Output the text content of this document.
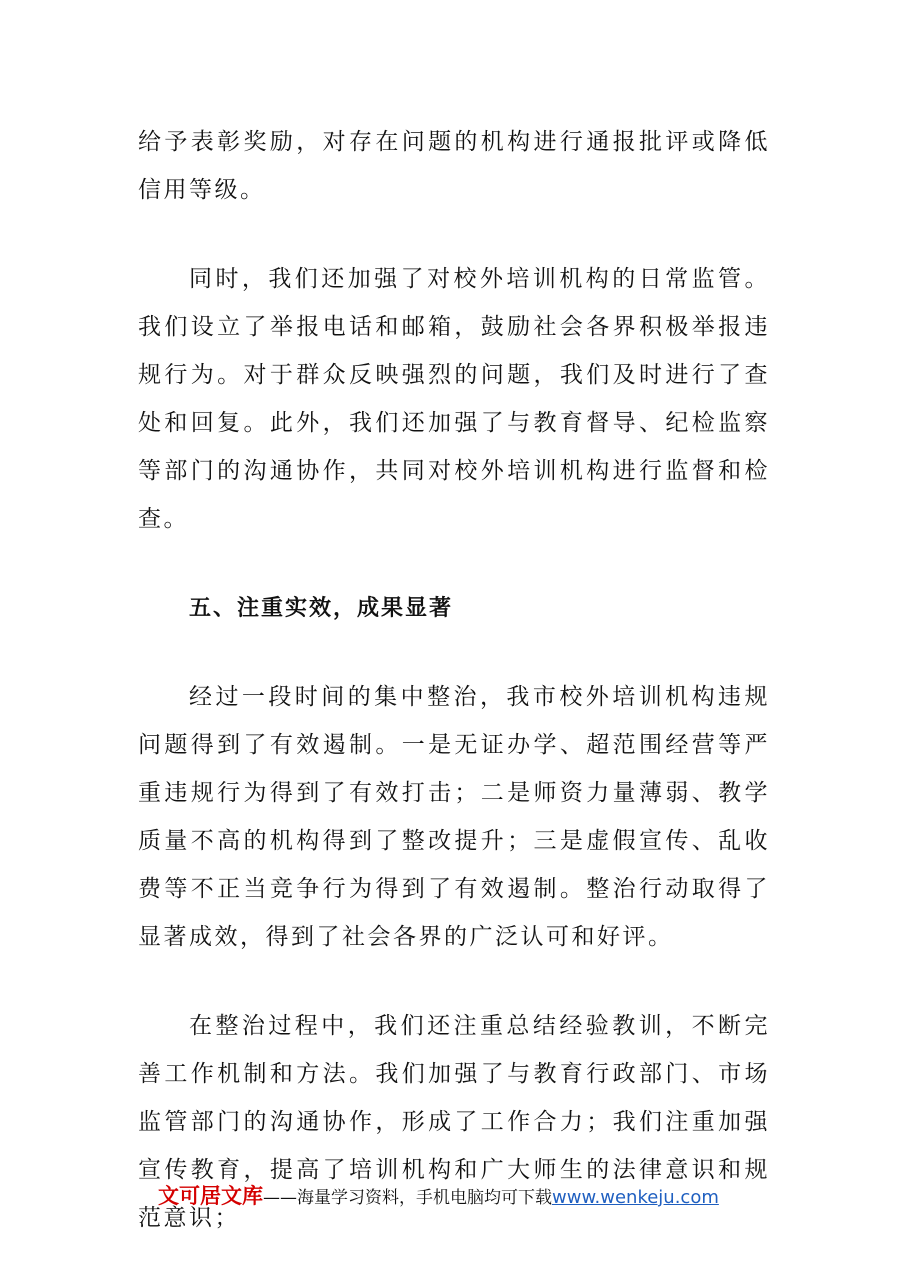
给予表彰奖励，对存在问题的机构进行通报批评或降低信用等级。

同时，我们还加强了对校外培训机构的日常监管。我们设立了举报电话和邮箱，鼓励社会各界积极举报违规行为。对于群众反映强烈的问题，我们及时进行了查处和回复。此外，我们还加强了与教育督导、纪检监察等部门的沟通协作，共同对校外培训机构进行监督和检查。

五、注重实效，成果显著

经过一段时间的集中整治，我市校外培训机构违规问题得到了有效遏制。一是无证办学、超范围经营等严重违规行为得到了有效打击；二是师资力量薄弱、教学质量不高的机构得到了整改提升；三是虚假宣传、乱收费等不正当竞争行为得到了有效遏制。整治行动取得了显著成效，得到了社会各界的广泛认可和好评。

在整治过程中，我们还注重总结经验教训，不断完善工作机制和方法。我们加强了与教育行政部门、市场监管部门的沟通协作，形成了工作合力；我们注重加强宣传教育，提高了培训机构和广大师生的法律意识和规范意识；

文可居文库——海量学习资料，手机电脑均可下载www.wenkeju.com
